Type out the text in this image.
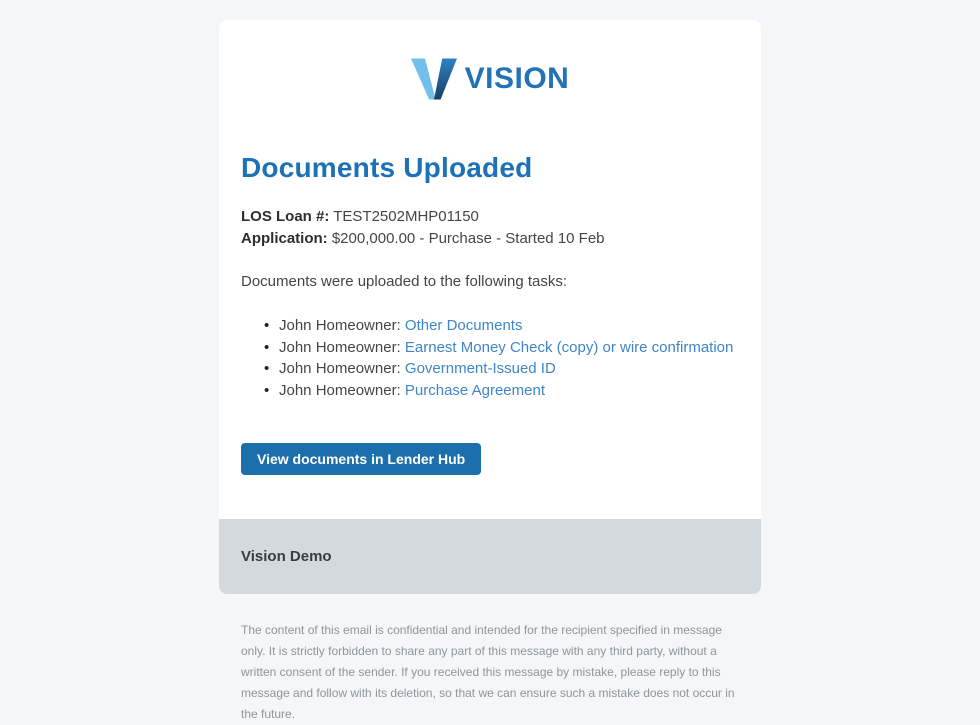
VISION
Documents Uploaded
LOS Loan #: TEST2502MHP01150
Application: $200,000.00 - Purchase - Started 10 Feb

Documents were uploaded to the following tasks:

• John Homeowner: Other Documents
• John Homeowner: Earnest Money Check (copy) or wire confirmation
• John Homeowner: Government-Issued ID
• John Homeowner: Purchase Agreement
View documents in Lender Hub
Vision Demo

The content of this email is confidential and intended for the recipient specified in message only. It is strictly forbidden to share any part of this message with any third party, without a written consent of the sender. If you received this message by mistake, please reply to this message and follow with its deletion, so that we can ensure such a mistake does not occur in the future.
